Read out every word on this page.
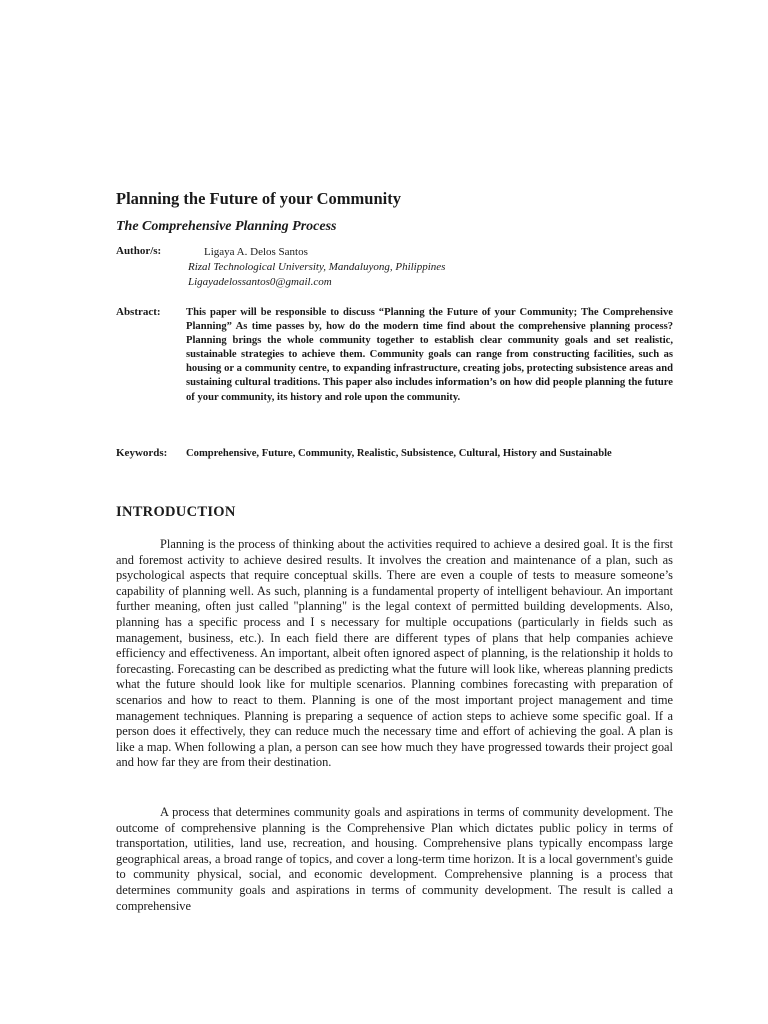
Planning the Future of your Community
The Comprehensive Planning Process
Author/s:	Ligaya A. Delos Santos
Rizal Technological University, Mandaluyong, Philippines
Ligayadelossantos0@gmail.com
Abstract: This paper will be responsible to discuss “Planning the Future of your Community; The Comprehensive Planning” As time passes by, how do the modern time find about the comprehensive planning process? Planning brings the whole community together to establish clear community goals and set realistic, sustainable strategies to achieve them. Community goals can range from constructing facilities, such as housing or a community centre, to expanding infrastructure, creating jobs, protecting subsistence areas and sustaining cultural traditions. This paper also includes information’s on how did people planning the future of your community, its history and role upon the community.

Keywords: Comprehensive, Future, Community, Realistic, Subsistence, Cultural, History and Sustainable

INTRODUCTION

Planning is the process of thinking about the activities required to achieve a desired goal. It is the first and foremost activity to achieve desired results. It involves the creation and maintenance of a plan, such as psychological aspects that require conceptual skills. There are even a couple of tests to measure someone’s capability of planning well. As such, planning is a fundamental property of intelligent behaviour. An important further meaning, often just called "planning" is the legal context of permitted building developments. Also, planning has a specific process and I s necessary for multiple occupations (particularly in fields such as management, business, etc.). In each field there are different types of plans that help companies achieve efficiency and effectiveness. An important, albeit often ignored aspect of planning, is the relationship it holds to forecasting. Forecasting can be described as predicting what the future will look like, whereas planning predicts what the future should look like for multiple scenarios. Planning combines forecasting with preparation of scenarios and how to react to them. Planning is one of the most important project management and time management techniques. Planning is preparing a sequence of action steps to achieve some specific goal. If a person does it effectively, they can reduce much the necessary time and effort of achieving the goal. A plan is like a map. When following a plan, a person can see how much they have progressed towards their project goal and how far they are from their destination.

A process that determines community goals and aspirations in terms of community development. The outcome of comprehensive planning is the Comprehensive Plan which dictates public policy in terms of transportation, utilities, land use, recreation, and housing. Comprehensive plans typically encompass large geographical areas, a broad range of topics, and cover a long-term time horizon. It is a local government's guide to community physical, social, and economic development. Comprehensive planning is a process that determines community goals and aspirations in terms of community development. The result is called a comprehensive
